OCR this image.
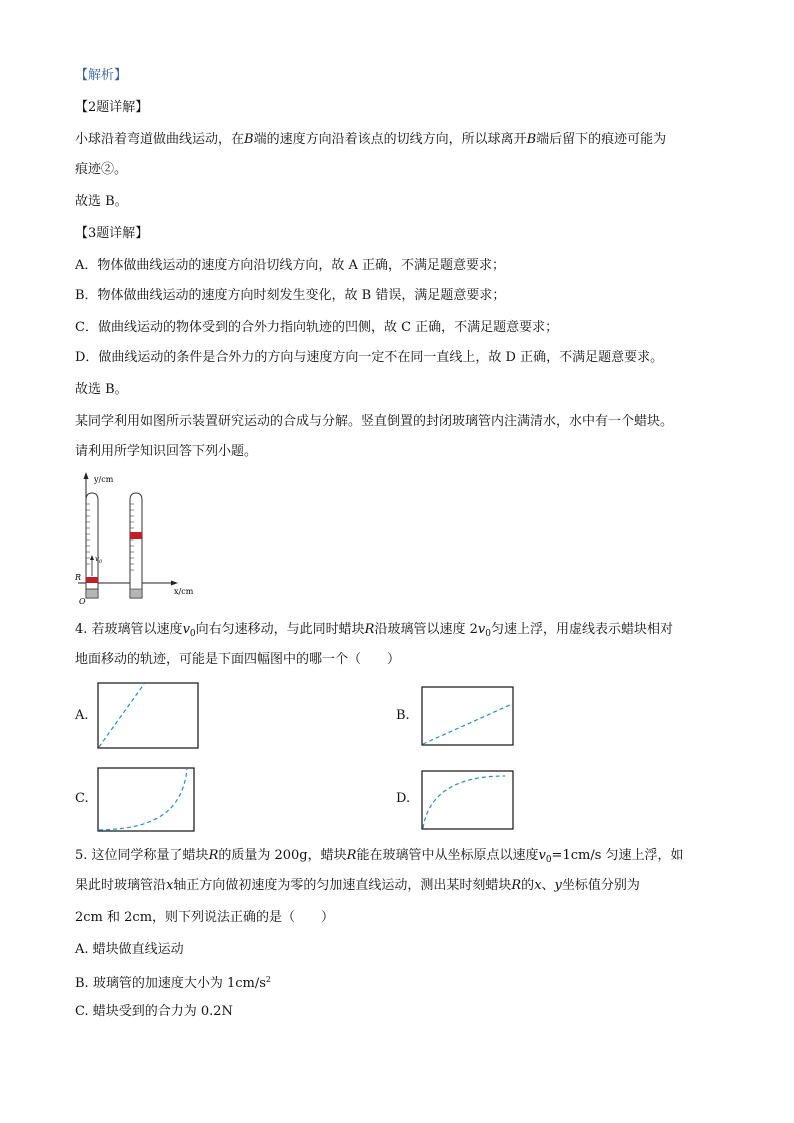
【解析】
【2题详解】
小球沿着弯道做曲线运动，在B端的速度方向沿着该点的切线方向，所以球离开B端后留下的痕迹可能为
痕迹②。
故选 B。
【3题详解】
A．物体做曲线运动的速度方向沿切线方向，故 A 正确，不满足题意要求；
B．物体做曲线运动的速度方向时刻发生变化，故 B 错误，满足题意要求；
C．做曲线运动的物体受到的合外力指向轨迹的凹侧，故 C 正确，不满足题意要求；
D．做曲线运动的条件是合外力的方向与速度方向一定不在同一直线上，故 D 正确，不满足题意要求。
故选 B。
某同学利用如图所示装置研究运动的合成与分解。竖直倒置的封闭玻璃管内注满清水，水中有一个蜡块。
请利用所学知识回答下列小题。
y/cm
x/cm
O
R
$v_0$
4. 若玻璃管以速度$v_0$向右匀速移动，与此同时蜡块R沿玻璃管以速度 $2v_0$匀速上浮，用虚线表示蜡块相对
地面移动的轨迹，可能是下面四幅图中的哪一个（　　）
A.	B.
C.	D.
5. 这位同学称量了蜡块R的质量为 200g，蜡块R能在玻璃管中从坐标原点以速度$v_0=1cm/s$ 匀速上浮，如
果此时玻璃管沿x轴正方向做初速度为零的匀加速直线运动，测出某时刻蜡块R的x、y坐标值分别为
2cm 和 2cm，则下列说法正确的是（　　）
A. 蜡块做直线运动
B. 玻璃管的加速度大小为 $1cm/s^2$
C. 蜡块受到的合力为 0.2N
